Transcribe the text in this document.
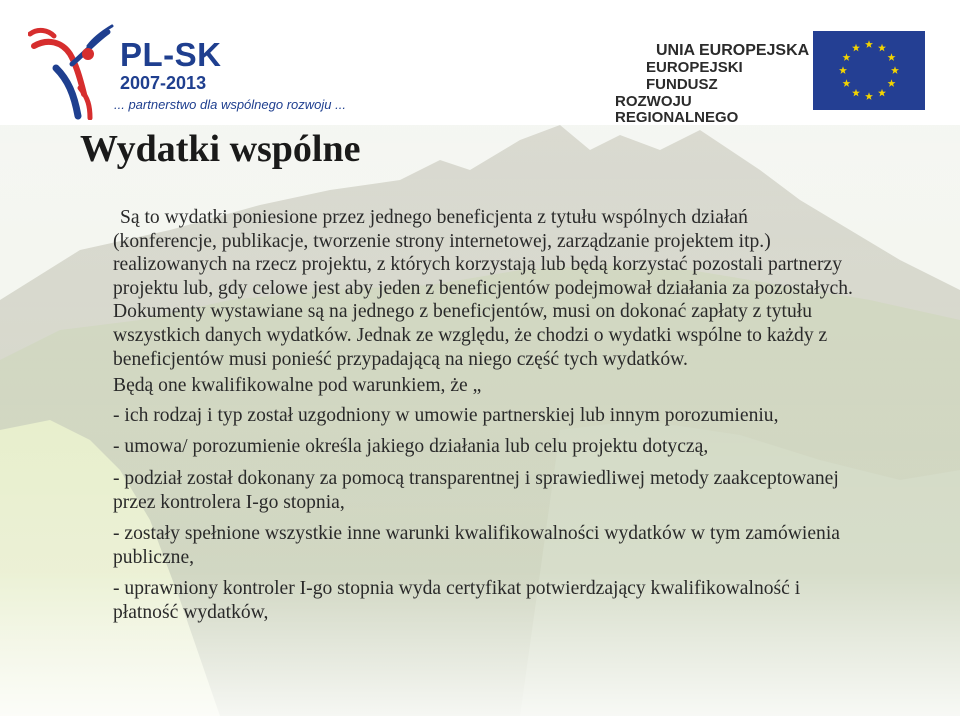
PL-SK
2007-2013
... partnerstwo dla wspólnego rozwoju ...
UNIA EUROPEJSKA
EUROPEJSKI FUNDUSZ
ROZWOJU REGIONALNEGO
Wydatki wspólne

Są to wydatki poniesione przez jednego beneficjenta z tytułu wspólnych działań (konferencje, publikacje, tworzenie strony internetowej, zarządzanie projektem itp.) realizowanych na rzecz projektu, z których korzystają lub będą korzystać pozostali partnerzy projektu lub, gdy celowe jest aby jeden z beneficjentów podejmował działania za pozostałych. Dokumenty wystawiane są na jednego z beneficjentów, musi on dokonać zapłaty z tytułu wszystkich danych wydatków. Jednak ze względu, że chodzi o wydatki wspólne to każdy z beneficjentów musi ponieść przypadającą na niego część tych wydatków.

Będą one kwalifikowalne pod warunkiem, że „

- ich rodzaj i typ został uzgodniony w umowie partnerskiej lub innym porozumieniu,

- umowa/ porozumienie określa jakiego działania lub celu projektu dotyczą,

- podział został dokonany za pomocą transparentnej i sprawiedliwej metody zaakceptowanej przez kontrolera I-go stopnia,

- zostały spełnione wszystkie inne warunki kwalifikowalności wydatków w tym zamówienia publiczne,

- uprawniony kontroler I-go stopnia wyda certyfikat potwierdzający kwalifikowalność i płatność wydatków,
